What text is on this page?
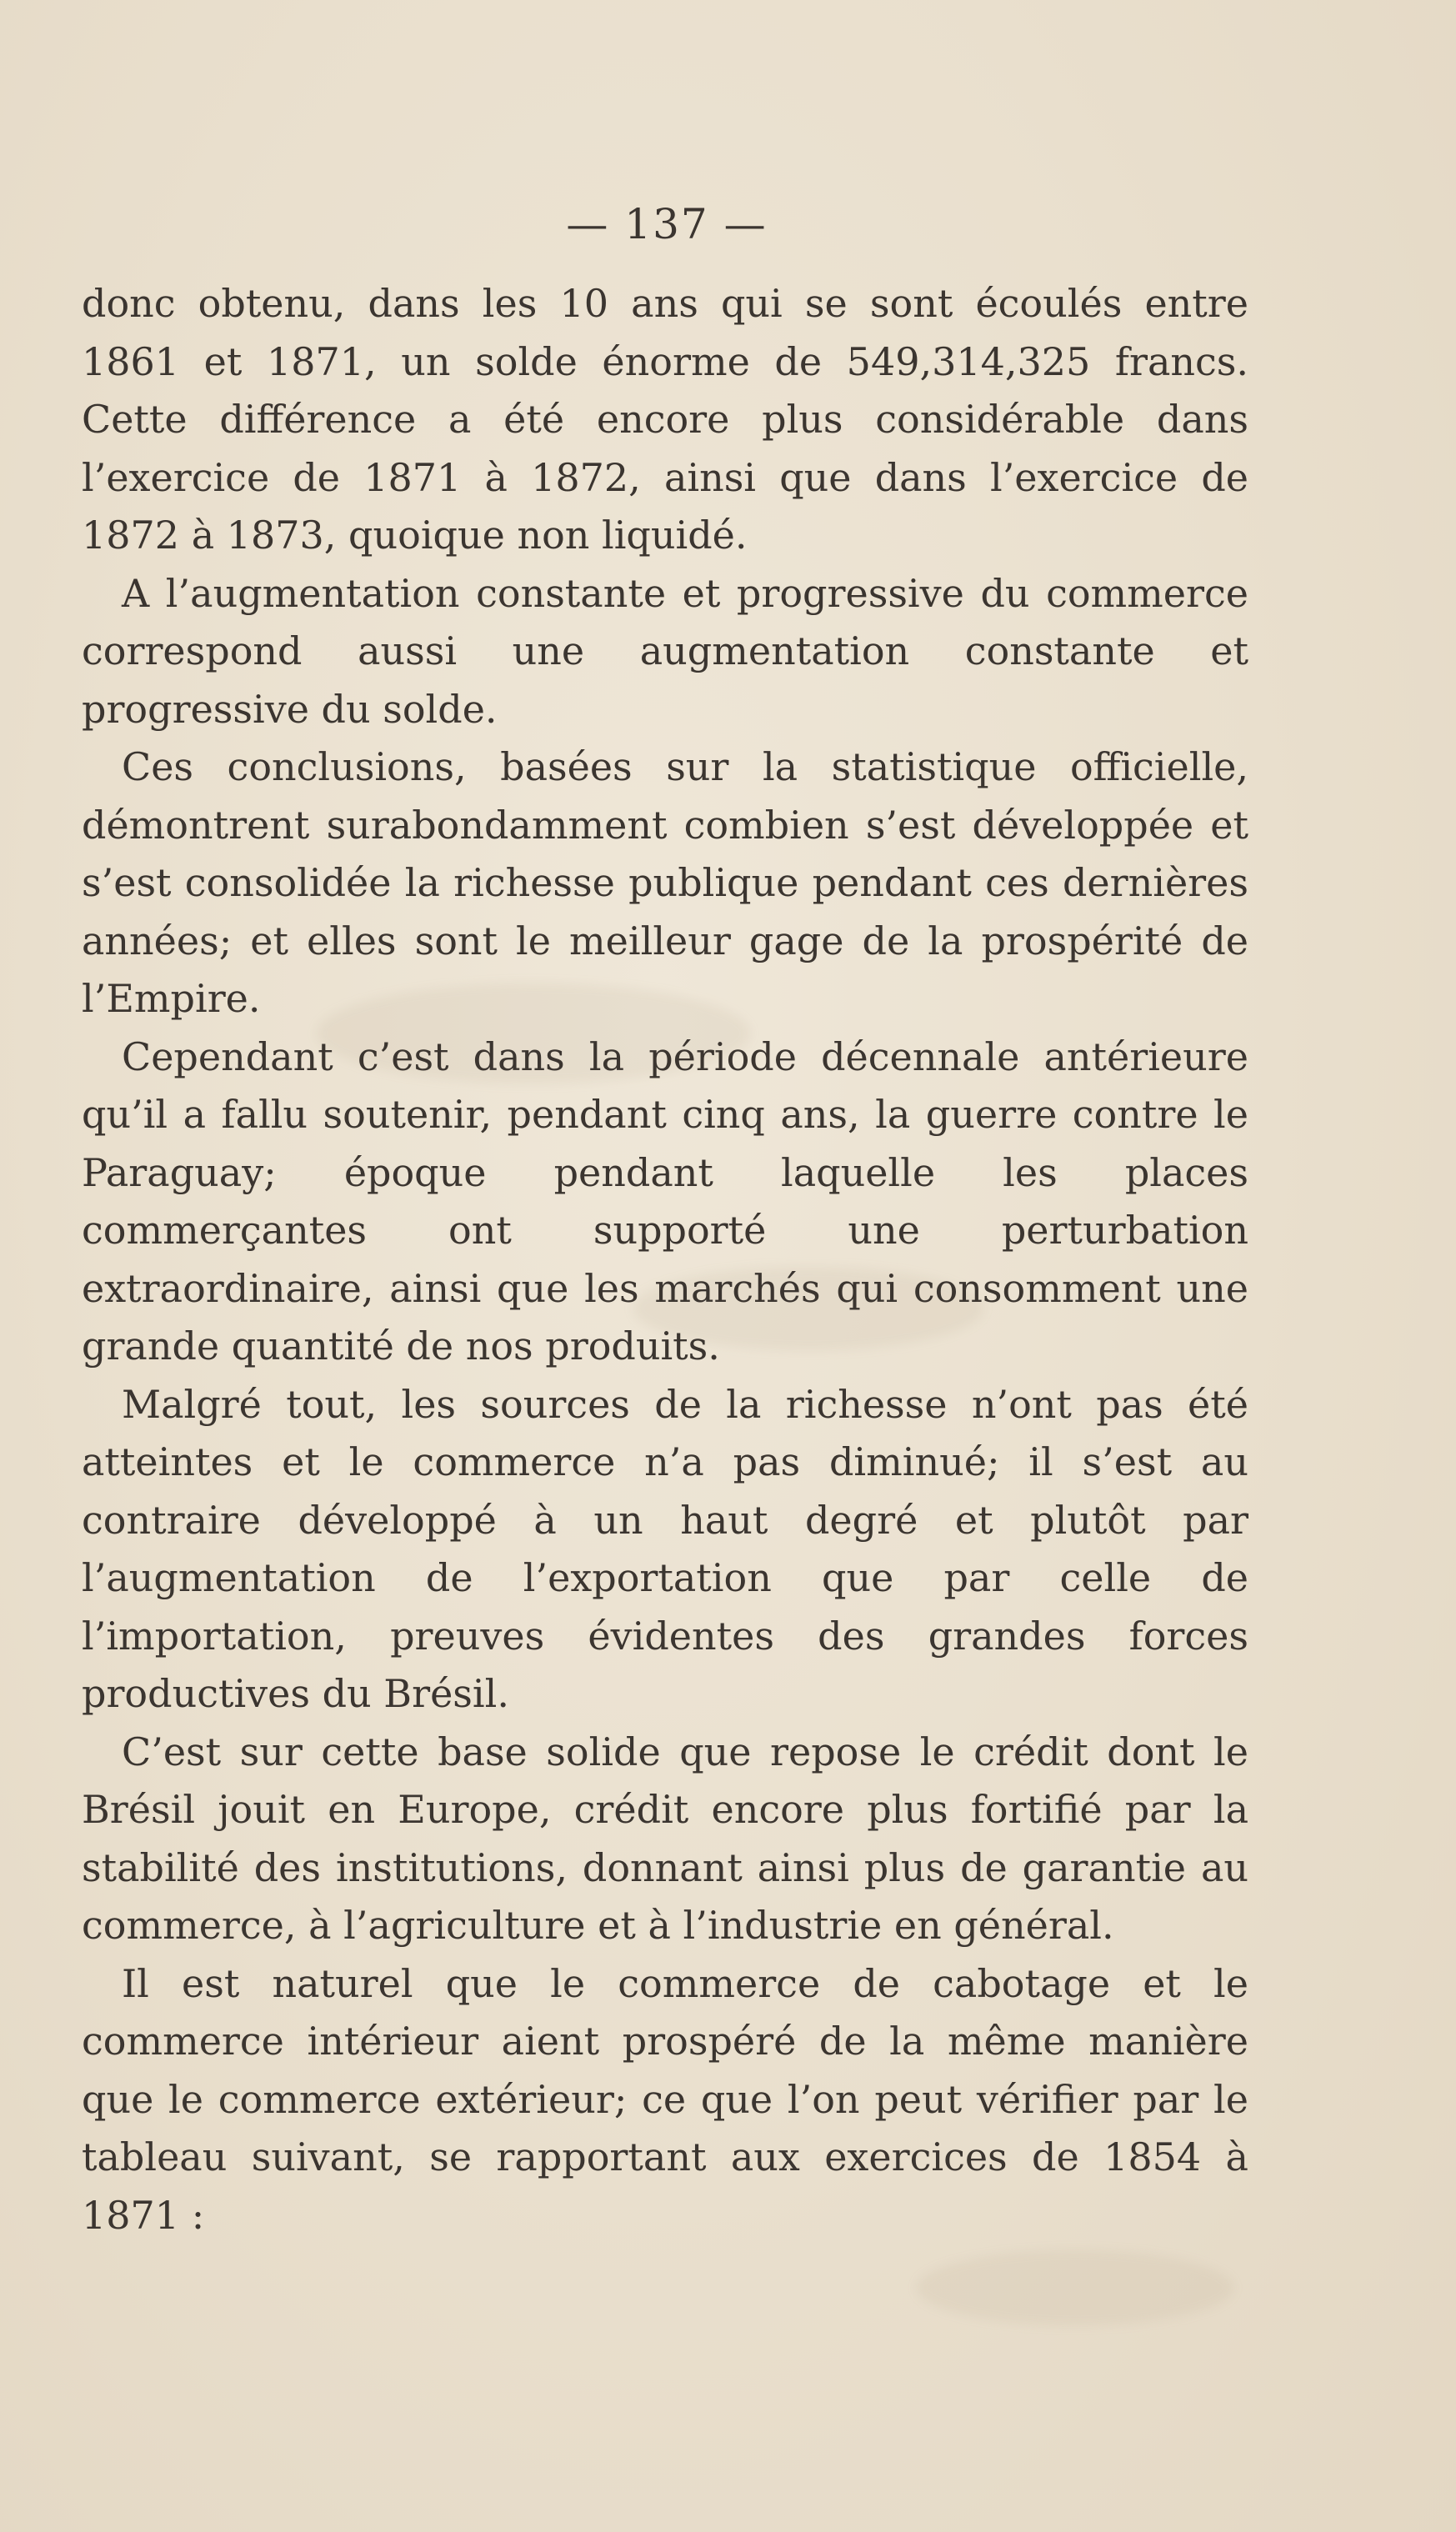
— 137 —

donc obtenu, dans les 10 ans qui se sont écoulés entre 1861 et 1871, un solde énorme de 549,314,325 francs. Cette différence a été encore plus considérable dans l’exercice de 1871 à 1872, ainsi que dans l’exercice de 1872 à 1873, quoique non liquidé.

A l’augmentation constante et progressive du commerce correspond aussi une augmentation constante et progressive du solde.

Ces conclusions, basées sur la statistique officielle, démontrent surabondamment combien s’est développée et s’est consolidée la richesse publique pendant ces dernières années; et elles sont le meilleur gage de la prospérité de l’Empire.

Cependant c’est dans la période décennale antérieure qu’il a fallu soutenir, pendant cinq ans, la guerre contre le Paraguay; époque pendant laquelle les places commerçantes ont supporté une perturbation extraordinaire, ainsi que les marchés qui consomment une grande quantité de nos produits.

Malgré tout, les sources de la richesse n’ont pas été atteintes et le commerce n’a pas diminué; il s’est au contraire développé à un haut degré et plutôt par l’augmentation de l’exportation que par celle de l’importation, preuves évidentes des grandes forces productives du Brésil.

C’est sur cette base solide que repose le crédit dont le Brésil jouit en Europe, crédit encore plus fortifié par la stabilité des institutions, donnant ainsi plus de garantie au commerce, à l’agriculture et à l’industrie en général.

Il est naturel que le commerce de cabotage et le commerce intérieur aient prospéré de la même manière que le commerce extérieur; ce que l’on peut vérifier par le tableau suivant, se rapportant aux exercices de 1854 à 1871 :
